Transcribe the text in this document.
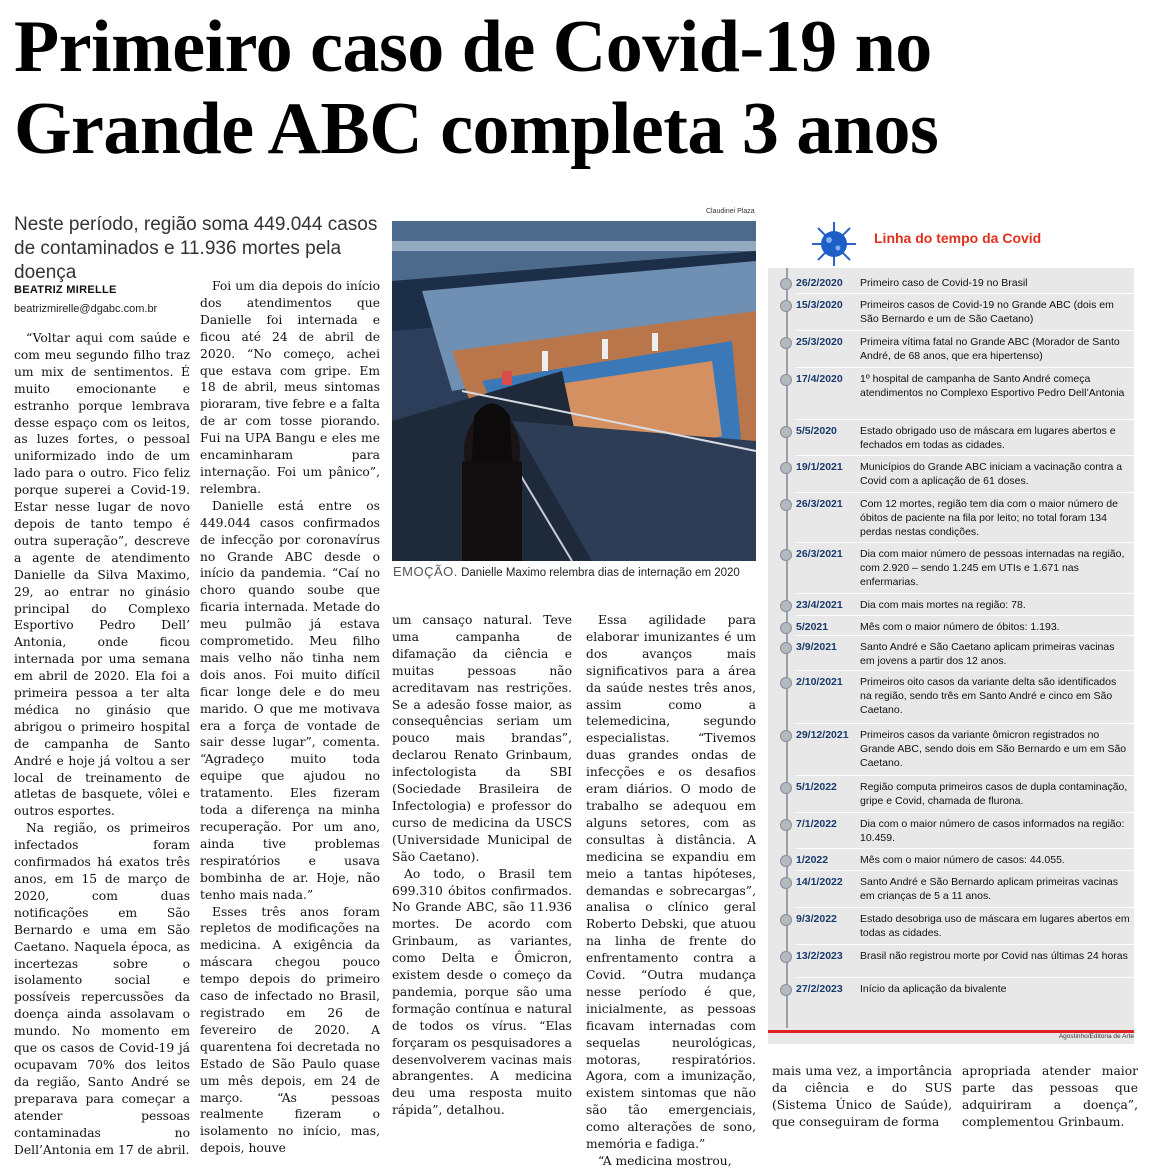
Primeiro caso de Covid-19 no Grande ABC completa 3 anos
Neste período, região soma 449.044 casos de contaminados e 11.936 mortes pela doença
BEATRIZ MIRELLE
beatrizmirelle@dgabc.com.br

“Voltar aqui com saúde e com meu segundo filho traz um mix de sentimentos. É muito emocionante e estranho porque lembrava desse espaço com os leitos, as luzes fortes, o pessoal uniformizado indo de um lado para o outro. Fico feliz porque superei a Covid-19. Estar nesse lugar de novo depois de tanto tempo é outra superação”, descreve a agente de atendimento Danielle da Silva Maximo, 29, ao entrar no ginásio principal do Complexo Esportivo Pedro Dell’ Antonia, onde ficou internada por uma semana em abril de 2020. Ela foi a primeira pessoa a ter alta médica no ginásio que abrigou o primeiro hospital de campanha de Santo André e hoje já voltou a ser local de treinamento de atletas de basquete, vôlei e outros esportes.

Na região, os primeiros infectados foram confirmados há exatos três anos, em 15 de março de 2020, com duas notificações em São Bernardo e uma em São Caetano. Naquela época, as incertezas sobre o isolamento social e possíveis repercussões da doença ainda assolavam o mundo. No momento em que os casos de Covid-19 já ocupavam 70% dos leitos da região, Santo André se preparava para começar a atender pessoas contaminadas no Dell’Antonia em 17 de abril.

Foi um dia depois do início dos atendimentos que Danielle foi internada e ficou até 24 de abril de 2020. “No começo, achei que estava com gripe. Em 18 de abril, meus sintomas pioraram, tive febre e a falta de ar com tosse piorando. Fui na UPA Bangu e eles me encaminharam para internação. Foi um pânico”, relembra.

Danielle está entre os 449.044 casos confirmados de infecção por coronavírus no Grande ABC desde o início da pandemia. “Caí no choro quando soube que ficaria internada. Metade do meu pulmão já estava comprometido. Meu filho mais velho não tinha nem dois anos. Foi muito difícil ficar longe dele e do meu marido. O que me motivava era a força de vontade de sair desse lugar”, comenta. “Agradeço muito toda equipe que ajudou no tratamento. Eles fizeram toda a diferença na minha recuperação. Por um ano, ainda tive problemas respiratórios e usava bombinha de ar. Hoje, não tenho mais nada.”

Esses três anos foram repletos de modificações na medicina. A exigência da máscara chegou pouco tempo depois do primeiro caso de infectado no Brasil, registrado em 26 de fevereiro de 2020. A quarentena foi decretada no Estado de São Paulo quase um mês depois, em 24 de março. “As pessoas realmente fizeram o isolamento no início, mas, depois, houve

Claudinei Plaza
EMOÇÃO. Danielle Maximo relembra dias de internação em 2020

um cansaço natural. Teve uma campanha de difamação da ciência e muitas pessoas não acreditavam nas restrições. Se a adesão fosse maior, as consequências seriam um pouco mais brandas”, declarou Renato Grinbaum, infectologista da SBI (Sociedade Brasileira de Infectologia) e professor do curso de medicina da USCS (Universidade Municipal de São Caetano).

Ao todo, o Brasil tem 699.310 óbitos confirmados. No Grande ABC, são 11.936 mortes. De acordo com Grinbaum, as variantes, como Delta e Ômicron, existem desde o começo da pandemia, porque são uma formação contínua e natural de todos os vírus. “Elas forçaram os pesquisadores a desenvolverem vacinas mais abrangentes. A medicina deu uma resposta muito rápida”, detalhou.

Essa agilidade para elaborar imunizantes é um dos avanços mais significativos para a área da saúde nestes três anos, assim como a telemedicina, segundo especialistas. “Tivemos duas grandes ondas de infecções e os desafios eram diários. O modo de trabalho se adequou em alguns setores, com as consultas à distância. A medicina se expandiu em meio a tantas hipóteses, demandas e sobrecargas”, analisa o clínico geral Roberto Debski, que atuou na linha de frente do enfrentamento contra a Covid. “Outra mudança nesse período é que, inicialmente, as pessoas ficavam internadas com sequelas neurológicas, motoras, respiratórios. Agora, com a imunização, existem sintomas que não são tão emergenciais, como alterações de sono, memória e fadiga.”

“A medicina mostrou,

mais uma vez, a importância da ciência e do SUS (Sistema Único de Saúde), que conseguiram de forma

apropriada atender maior parte das pessoas que adquiriram a doença”, complementou Grinbaum.

Linha do tempo da Covid
26/2/2020	Primeiro caso de Covid-19 no Brasil
15/3/2020	Primeiros casos de Covid-19 no Grande ABC (dois em São Bernardo e um de São Caetano)
25/3/2020	Primeira vítima fatal no Grande ABC (Morador de Santo André, de 68 anos, que era hipertenso)
17/4/2020	1º hospital de campanha de Santo André começa atendimentos no Complexo Esportivo Pedro Dell’Antonia
5/5/2020	Estado obrigado uso de máscara em lugares abertos e fechados em todas as cidades.
19/1/2021	Municípios do Grande ABC iniciam a vacinação contra a Covid com a aplicação de 61 doses.
26/3/2021	Com 12 mortes, região tem dia com o maior número de óbitos de paciente na fila por leito; no total foram 134 perdas nestas condições.
26/3/2021	Dia com maior número de pessoas internadas na região, com 2.920 – sendo 1.245 em UTIs e 1.671 nas enfermarias.
23/4/2021	Dia com mais mortes na região: 78.
5/2021	Mês com o maior número de óbitos: 1.193.
3/9/2021	Santo André e São Caetano aplicam primeiras vacinas em jovens a partir dos 12 anos.
2/10/2021	Primeiros oito casos da variante delta são identificados na região, sendo três em Santo André e cinco em São Caetano.
29/12/2021	Primeiros casos da variante ômicron registrados no Grande ABC, sendo dois em São Bernardo e um em São Caetano.
5/1/2022	Região computa primeiros casos de dupla contaminação, gripe e Covid, chamada de flurona.
7/1/2022	Dia com o maior número de casos informados na região: 10.459.
1/2022	Mês com o maior número de casos: 44.055.
14/1/2022	Santo André e São Bernardo aplicam primeiras vacinas em crianças de 5 a 11 anos.
9/3/2022	Estado desobriga uso de máscara em lugares abertos em todas as cidades.
13/2/2023	Brasil não registrou morte por Covid nas últimas 24 horas
27/2/2023	Início da aplicação da bivalente
Agostinho/Editoria de Arte
